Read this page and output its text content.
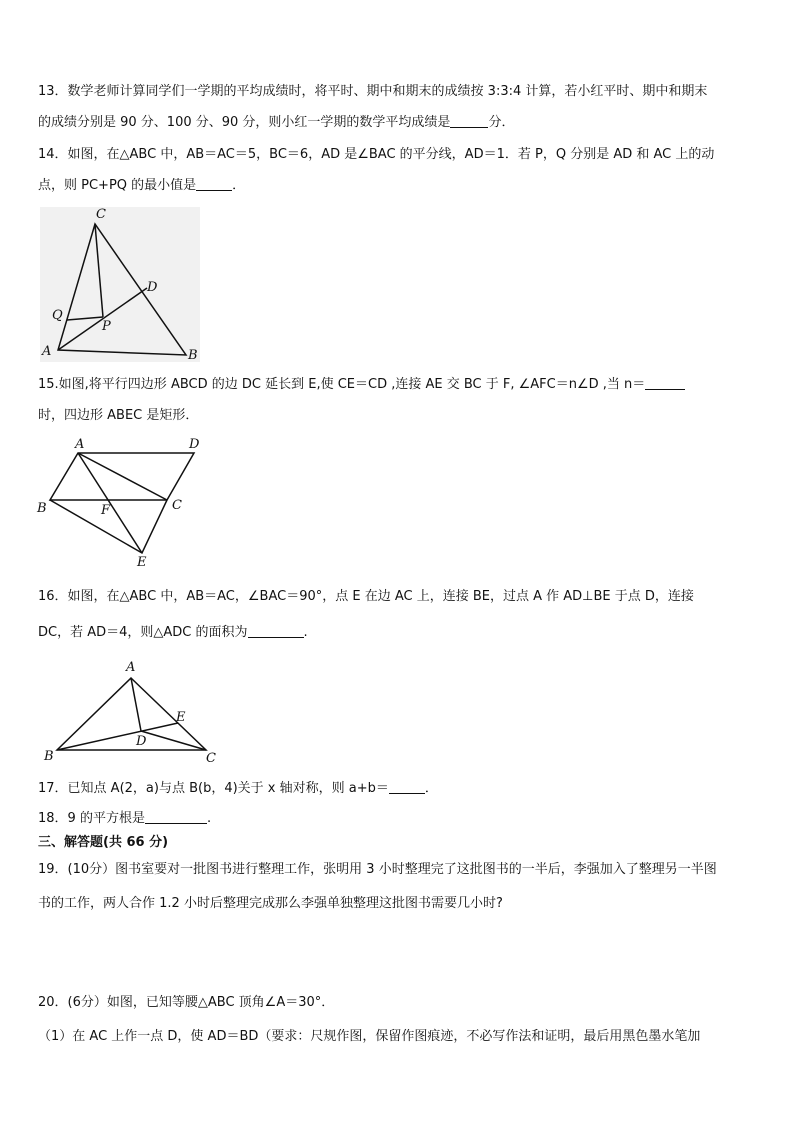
13．数学老师计算同学们一学期的平均成绩时，将平时、期中和期末的成绩按 3:3:4 计算，若小红平时、期中和期末
的成绩分别是 90 分、100 分、90 分，则小红一学期的数学平均成绩是	分．
14．如图，在△ABC 中，AB＝AC＝5，BC＝6，AD 是∠BAC 的平分线，AD＝1．若 P，Q 分别是 AD 和 AC 上的动
点，则 PC+PQ 的最小值是	．
C
D
Q
P
A	B
15.如图,将平行四边形 ABCD 的边 DC 延长到 E,使 CE＝CD ,连接 AE 交 BC 于 F, ∠AFC＝n∠D ,当 n＝
时，四边形 ABEC 是矩形．
A	D
B	F	C
E
16．如图，在△ABC 中，AB＝AC，∠BAC＝90°，点 E 在边 AC 上，连接 BE，过点 A 作 AD⊥BE 于点 D，连接
DC，若 AD＝4，则△ADC 的面积为	.
A
E
D
B	C
17．已知点 A(2，a)与点 B(b，4)关于 x 轴对称，则 a+b＝	．
18．9 的平方根是	.
三、解答题(共 66 分)
19．(10分）图书室要对一批图书进行整理工作，张明用 3 小时整理完了这批图书的一半后，李强加入了整理另一半图
书的工作，两人合作 1.2 小时后整理完成那么李强单独整理这批图书需要几小时?
20．(6分）如图，已知等腰△ABC 顶角∠A＝30°．
（1）在 AC 上作一点 D，使 AD＝BD（要求：尺规作图，保留作图痕迹，不必写作法和证明，最后用黑色墨水笔加
